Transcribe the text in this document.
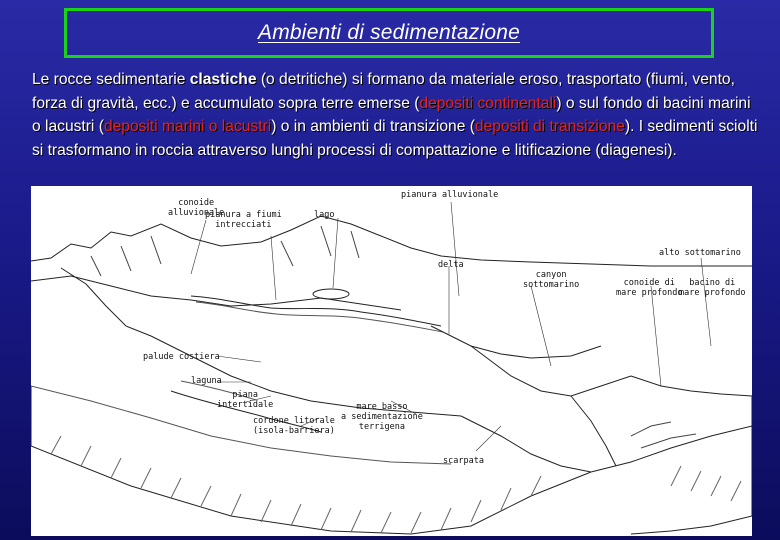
Ambienti di sedimentazione
Le rocce sedimentarie clastiche (o detritiche) si formano da materiale eroso, trasportato (fiumi, vento, forza di gravità, ecc.) e accumulato sopra terre emerse (depositi continentali) o sul fondo di bacini marini o lacustri (depositi marini o lacustri) o in ambienti di transizione (depositi di transizione). I sedimenti sciolti si trasformano in roccia attraverso lunghi processi di compattazione e litificazione (diagenesi).
pianura alluvionale
conoide
alluvionale
pianura a fiumi
intrecciati
lago
delta
alto sottomarino
canyon
sottomarino	conoide di
mare profondo
bacino di
mare profondo
palude costiera
laguna
piana
intertidale
cordone litorale
(isola-barriera)
mare basso
a sedimentazione
terrigena
scarpata
